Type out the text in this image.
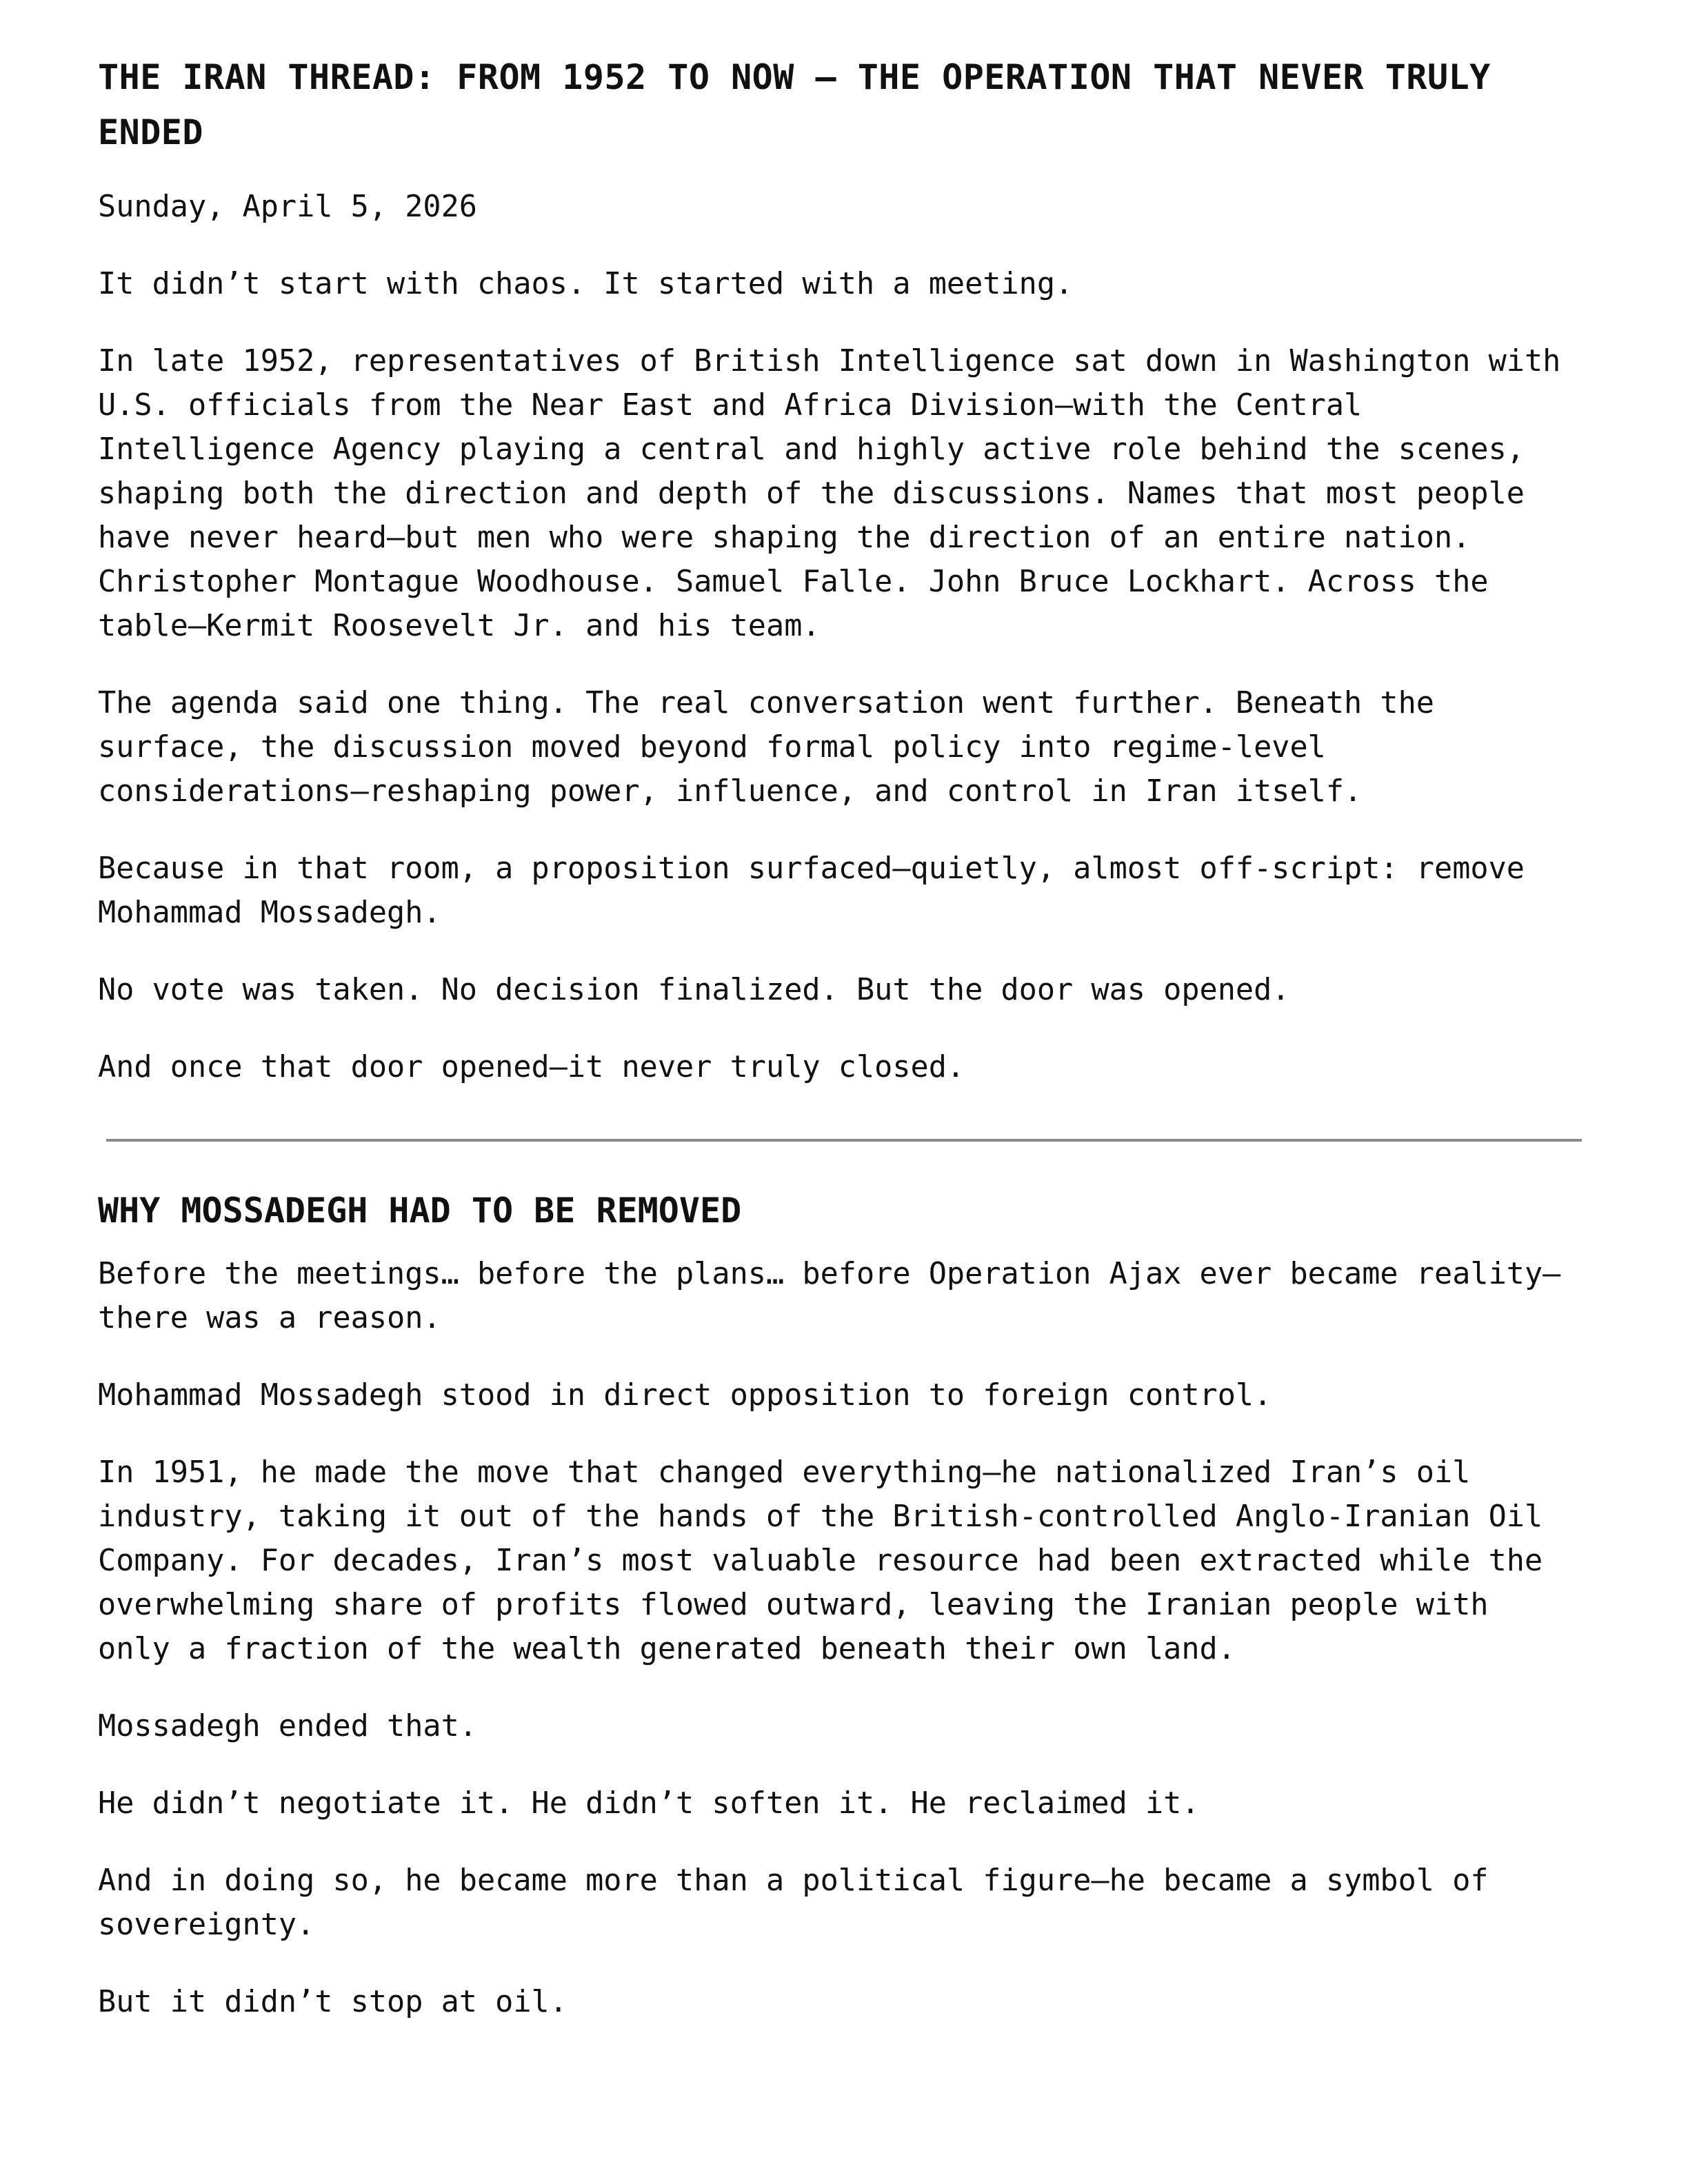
THE IRAN THREAD: FROM 1952 TO NOW — THE OPERATION THAT NEVER TRULY ENDED

Sunday, April 5, 2026

It didn’t start with chaos. It started with a meeting.

In late 1952, representatives of British Intelligence sat down in Washington with U.S. officials from the Near East and Africa Division—with the Central Intelligence Agency playing a central and highly active role behind the scenes, shaping both the direction and depth of the discussions. Names that most people have never heard—but men who were shaping the direction of an entire nation. Christopher Montague Woodhouse. Samuel Falle. John Bruce Lockhart. Across the table—Kermit Roosevelt Jr. and his team.

The agenda said one thing. The real conversation went further. Beneath the surface, the discussion moved beyond formal policy into regime-level considerations—reshaping power, influence, and control in Iran itself.

Because in that room, a proposition surfaced—quietly, almost off-script: remove Mohammad Mossadegh.

No vote was taken. No decision finalized. But the door was opened.

And once that door opened—it never truly closed.

WHY MOSSADEGH HAD TO BE REMOVED

Before the meetings… before the plans… before Operation Ajax ever became reality—there was a reason.

Mohammad Mossadegh stood in direct opposition to foreign control.

In 1951, he made the move that changed everything—he nationalized Iran’s oil industry, taking it out of the hands of the British-controlled Anglo-Iranian Oil Company. For decades, Iran’s most valuable resource had been extracted while the overwhelming share of profits flowed outward, leaving the Iranian people with only a fraction of the wealth generated beneath their own land.

Mossadegh ended that.

He didn’t negotiate it. He didn’t soften it. He reclaimed it.

And in doing so, he became more than a political figure—he became a symbol of sovereignty.

But it didn’t stop at oil.
